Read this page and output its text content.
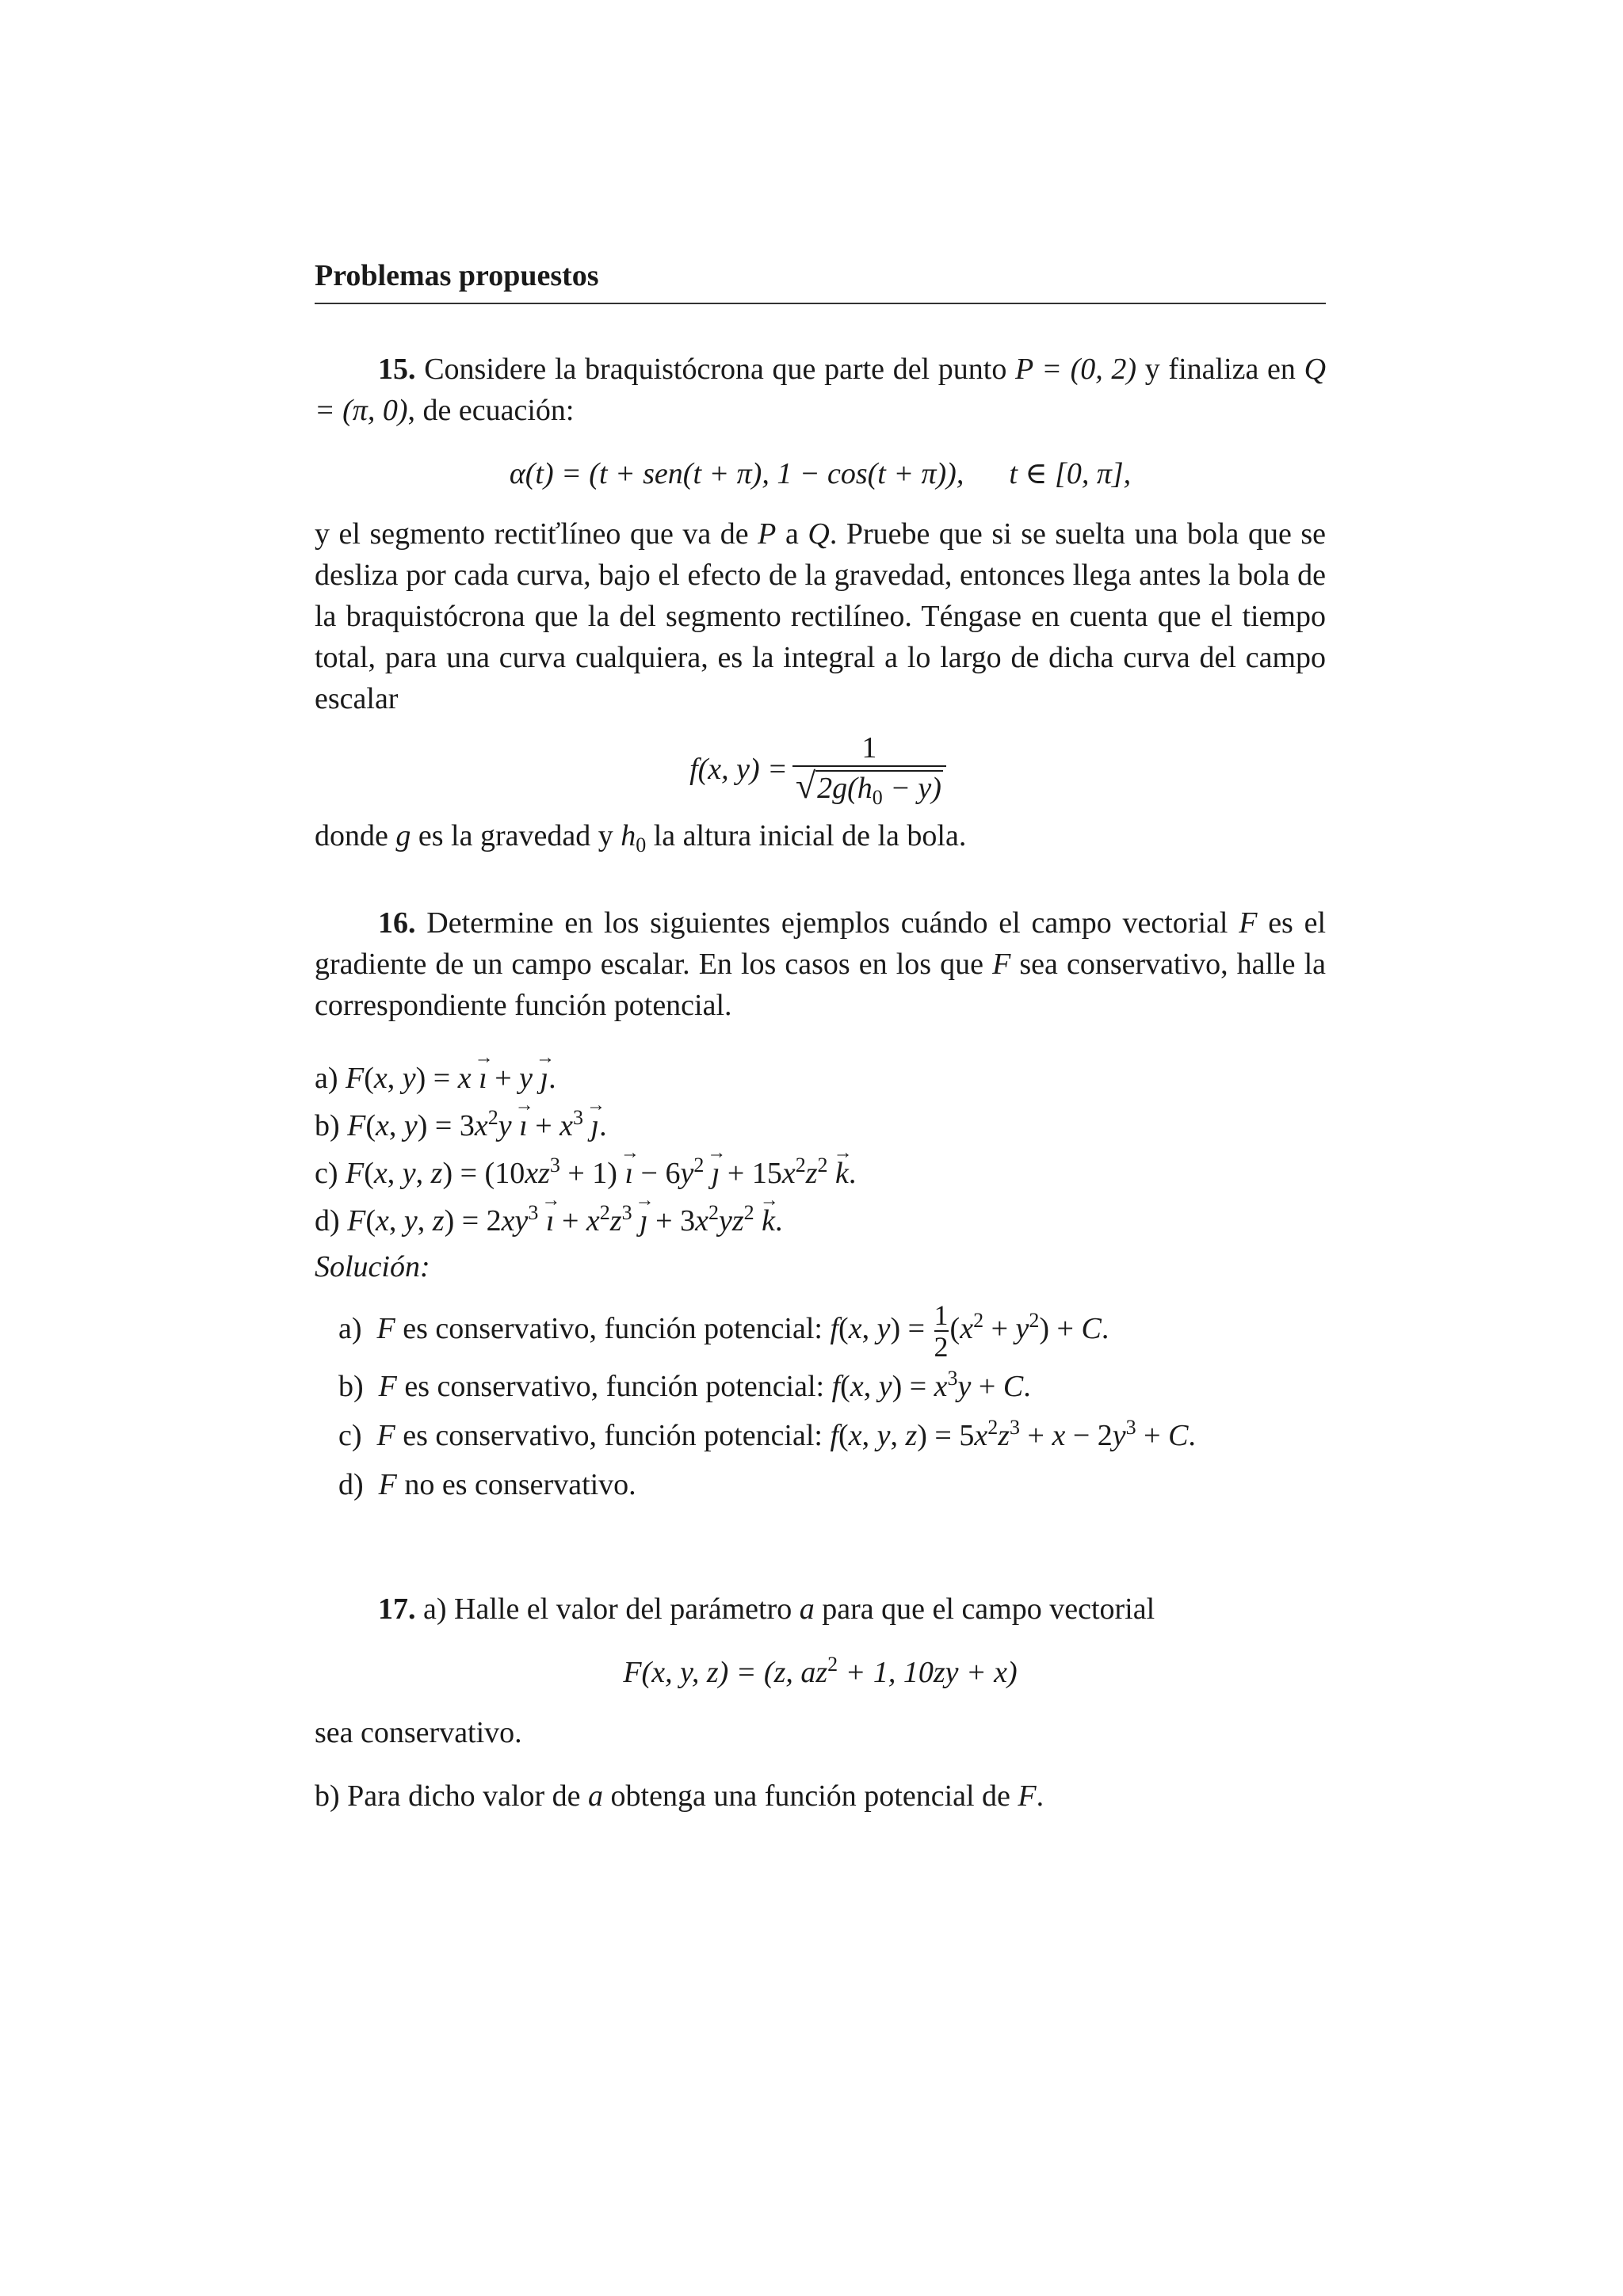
Problemas propuestos

15. Considere la braquistócrona que parte del punto P = (0, 2) y finaliza en Q = (π, 0), de ecuación:

α(t) = (t + sen(t + π), 1 − cos(t + π)), t ∈ [0, π],

y el segmento rectiťlíneo que va de P a Q. Pruebe que si se suelta una bola que se desliza por cada curva, bajo el efecto de la gravedad, entonces llega antes la bola de la braquistócrona que la del segmento rectilíneo. Téngase en cuenta que el tiempo total, para una curva cualquiera, es la integral a lo largo de dicha curva del campo escalar

f(x, $y) = \frac{1}{√2g(h_0 - y)}$

donde g es la gravedad y $h_0$ la altura inicial de la bola.

16. Determine en los siguientes ejemplos cuándo el campo vectorial F es el gradiente de un campo escalar. En los casos en los que F sea conservativo, halle la correspondiente función potencial.

a) F(x, y) = x → ı + y → ȷ.
b) F(x, $y) = 3x^2y$ → ı + $x^3$ → ȷ.
c) F(x, y, $z) = (10xz^3 + 1)$ → ı − $6y^2$ → ȷ + $15x^2z^2 \to k$.
d) F(x, y, $z) = 2xy^3$ → ı + $x^2z^3$ → ȷ + $3x^2yz^2 \to k$.
Solución:
a) F es conservativo, función potencial: f(x, $y) = \frac{1}{2} (x^2 + y^2) + C$.
b) F es conservativo, función potencial: f(x, $y) = x^3y + C$.
c) F es conservativo, función potencial: f(x, y, $z) = 5x^2z^3 + x - 2y^3 + C$.
d) F no es conservativo.

17. a) Halle el valor del parámetro a para que el campo vectorial

F(x, y, z) = (z, $az^2 + 1$, 10zy + x)

sea conservativo.

b) Para dicho valor de a obtenga una función potencial de F.
